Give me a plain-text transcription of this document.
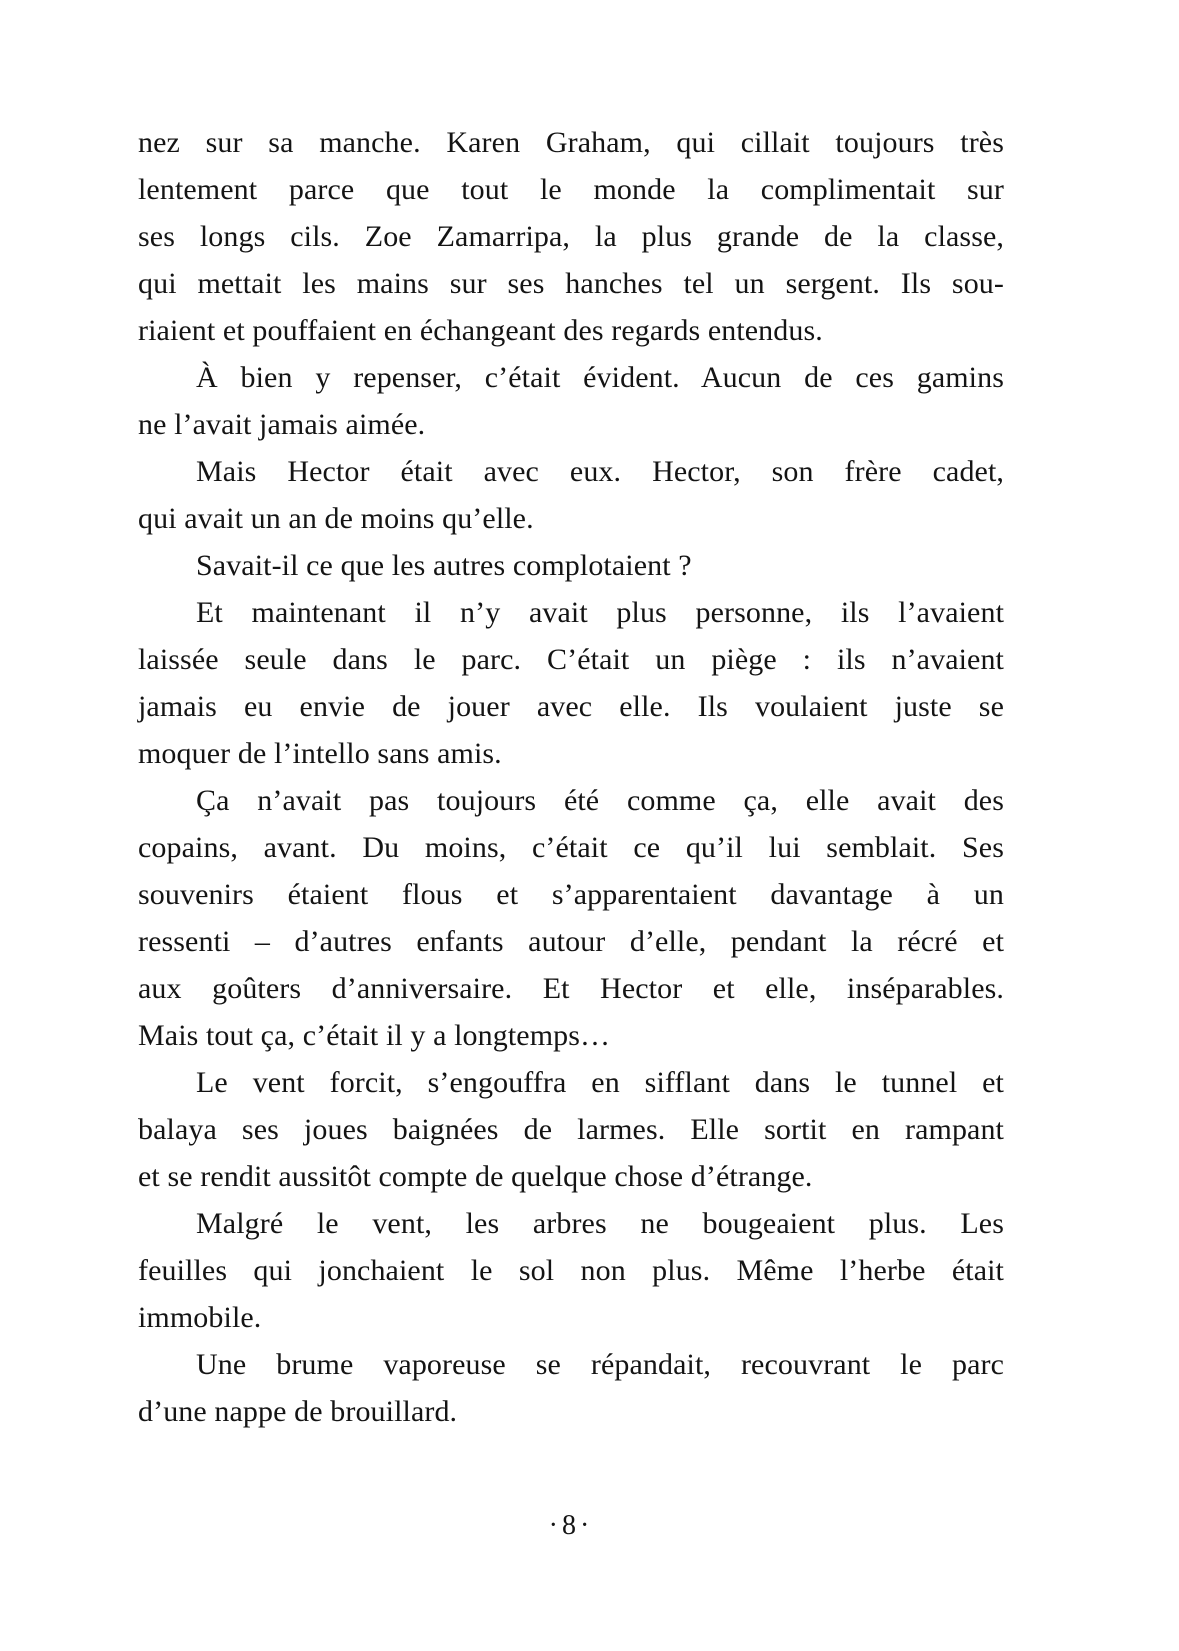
nez sur sa manche. Karen Graham, qui cillait toujours très
lentement parce que tout le monde la complimentait sur
ses longs cils. Zoe Zamarripa, la plus grande de la classe,
qui mettait les mains sur ses hanches tel un sergent. Ils sou-
riaient et pouffaient en échangeant des regards entendus.
À bien y repenser, c’était évident. Aucun de ces gamins
ne l’avait jamais aimée.
Mais Hector était avec eux. Hector, son frère cadet,
qui avait un an de moins qu’elle.
Savait-il ce que les autres complotaient ?
Et maintenant il n’y avait plus personne, ils l’avaient
laissée seule dans le parc. C’était un piège : ils n’avaient
jamais eu envie de jouer avec elle. Ils voulaient juste se
moquer de l’intello sans amis.
Ça n’avait pas toujours été comme ça, elle avait des
copains, avant. Du moins, c’était ce qu’il lui semblait. Ses
souvenirs étaient flous et s’apparentaient davantage à un
ressenti – d’autres enfants autour d’elle, pendant la récré et
aux goûters d’anniversaire. Et Hector et elle, inséparables.
Mais tout ça, c’était il y a longtemps…
Le vent forcit, s’engouffra en sifflant dans le tunnel et
balaya ses joues baignées de larmes. Elle sortit en rampant
et se rendit aussitôt compte de quelque chose d’étrange.
Malgré le vent, les arbres ne bougeaient plus. Les
feuilles qui jonchaient le sol non plus. Même l’herbe était
immobile.
Une brume vaporeuse se répandait, recouvrant le parc
d’une nappe de brouillard.
·8·
